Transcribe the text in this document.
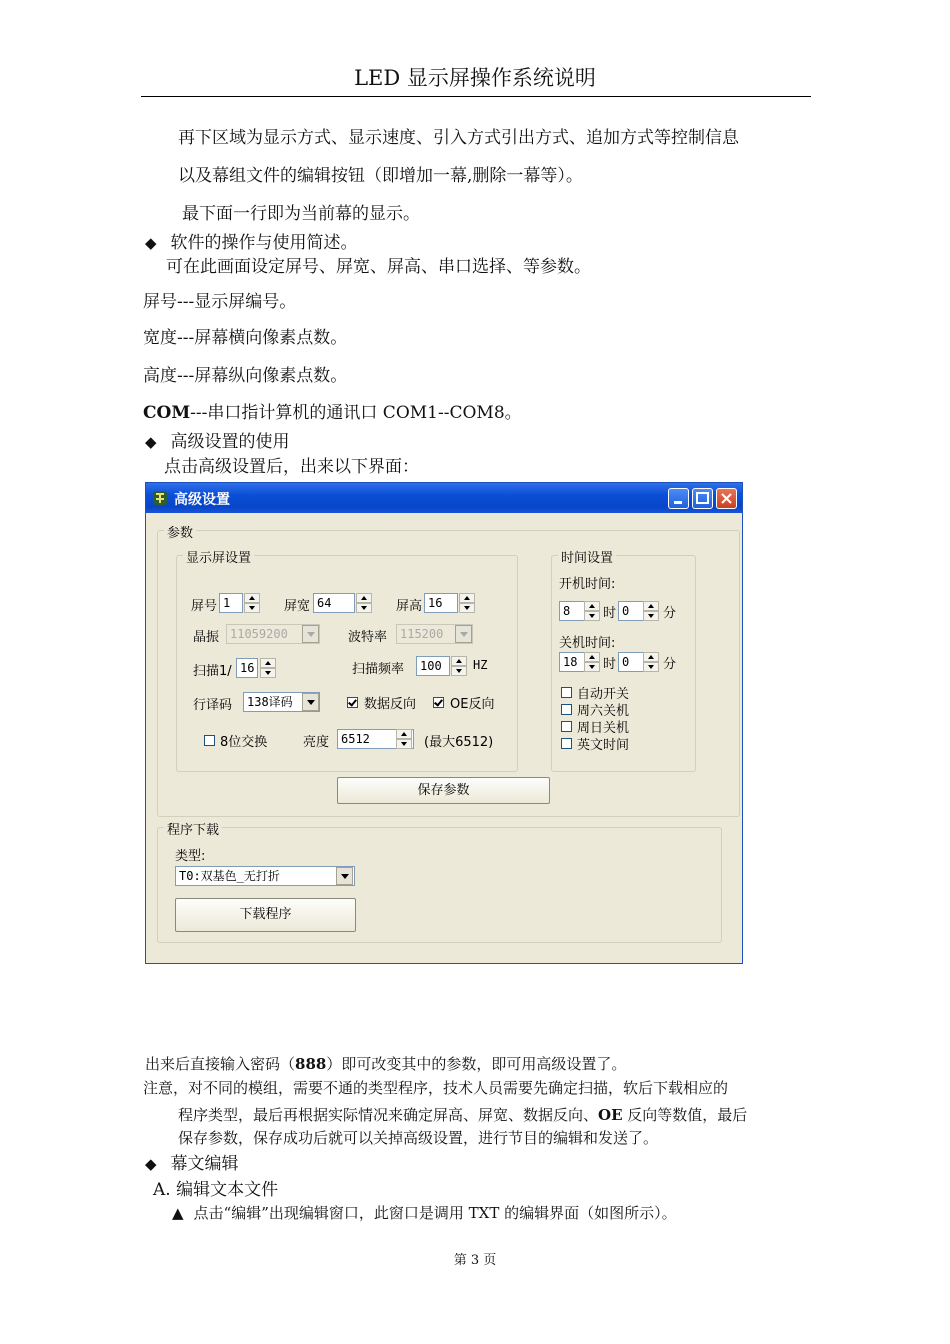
LED 显示屏操作系统说明
再下区域为显示方式、显示速度、引入方式引出方式、追加方式等控制信息
以及幕组文件的编辑按钮（即增加一幕,删除一幕等）。
最下面一行即为当前幕的显示。
◆ 软件的操作与使用简述。
可在此画面设定屏号、屏宽、屏高、串口选择、等参数。
屏号---显示屏编号。
宽度---屏幕横向像素点数。
高度---屏幕纵向像素点数。
COM---串口指计算机的通讯口 COM1--COM8。
◆ 高级设置的使用
点击高级设置后，出来以下界面：
高级设置
参数
显示屏设置
屏号 1	屏宽 64	屏高 16
晶振 11059200	波特率	115200
扫描1/ 16	扫描频率	100	HZ
行译码	138译码	数据反向	OE反向
8位交换	亮度 6512	(最大6512)
时间设置
开机时间:
8	时 0	分
关机时间:
18	时 0	分
自动开关
周六关机
周日关机
英文时间
保存参数
程序下载
类型:
T0:双基色_无打折
下载程序
出来后直接输入密码（888）即可改变其中的参数，即可用高级设置了。
注意，对不同的模组，需要不通的类型程序，技术人员需要先确定扫描，软后下载相应的
程序类型，最后再根据实际情况来确定屏高、屏宽、数据反向、OE 反向等数值，最后
保存参数，保存成功后就可以关掉高级设置，进行节目的编辑和发送了。
◆ 幕文编辑
A. 编辑文本文件
▲ 点击“编辑”出现编辑窗口，此窗口是调用 TXT 的编辑界面（如图所示）。
第 3 页
